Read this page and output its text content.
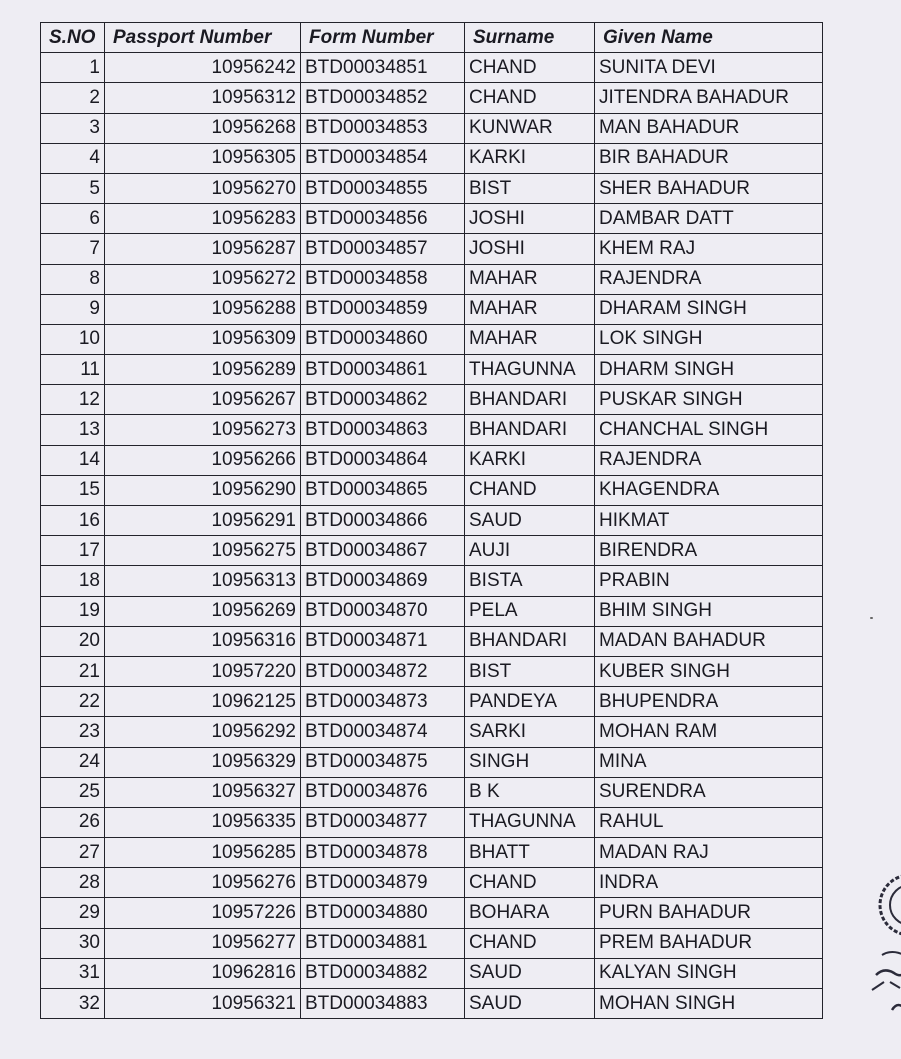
S.NO	Passport Number	Form Number	Surname	Given Name
1	10956242	BTD00034851	CHAND	SUNITA DEVI
2	10956312	BTD00034852	CHAND	JITENDRA BAHADUR
3	10956268	BTD00034853	KUNWAR	MAN BAHADUR
4	10956305	BTD00034854	KARKI	BIR BAHADUR
5	10956270	BTD00034855	BIST	SHER BAHADUR
6	10956283	BTD00034856	JOSHI	DAMBAR DATT
7	10956287	BTD00034857	JOSHI	KHEM RAJ
8	10956272	BTD00034858	MAHAR	RAJENDRA
9	10956288	BTD00034859	MAHAR	DHARAM SINGH
10	10956309	BTD00034860	MAHAR	LOK SINGH
11	10956289	BTD00034861	THAGUNNA	DHARM SINGH
12	10956267	BTD00034862	BHANDARI	PUSKAR SINGH
13	10956273	BTD00034863	BHANDARI	CHANCHAL SINGH
14	10956266	BTD00034864	KARKI	RAJENDRA
15	10956290	BTD00034865	CHAND	KHAGENDRA
16	10956291	BTD00034866	SAUD	HIKMAT
17	10956275	BTD00034867	AUJI	BIRENDRA
18	10956313	BTD00034869	BISTA	PRABIN
19	10956269	BTD00034870	PELA	BHIM SINGH
20	10956316	BTD00034871	BHANDARI	MADAN BAHADUR
21	10957220	BTD00034872	BIST	KUBER SINGH
22	10962125	BTD00034873	PANDEYA	BHUPENDRA
23	10956292	BTD00034874	SARKI	MOHAN RAM
24	10956329	BTD00034875	SINGH	MINA
25	10956327	BTD00034876	B K	SURENDRA
26	10956335	BTD00034877	THAGUNNA	RAHUL
27	10956285	BTD00034878	BHATT	MADAN RAJ
28	10956276	BTD00034879	CHAND	INDRA
29	10957226	BTD00034880	BOHARA	PURN BAHADUR
30	10956277	BTD00034881	CHAND	PREM BAHADUR
31	10962816	BTD00034882	SAUD	KALYAN SINGH
32	10956321	BTD00034883	SAUD	MOHAN SINGH
